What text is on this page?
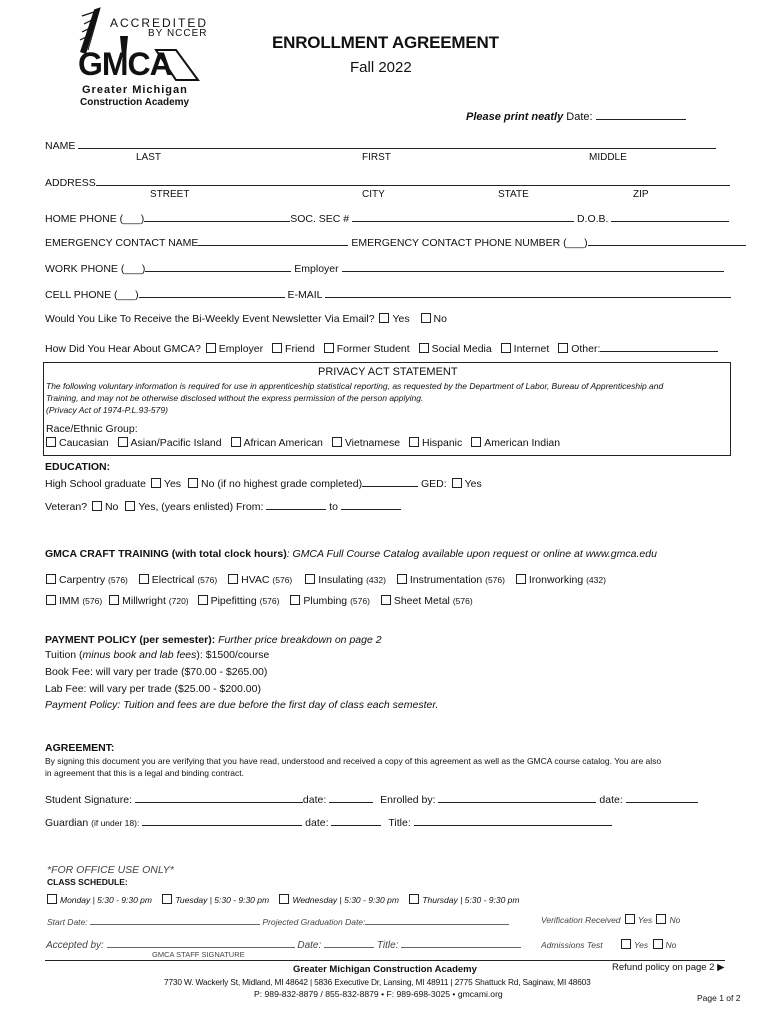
ACCREDITED
BY NCCER
GMCA
Greater Michigan
Construction Academy
ENROLLMENT AGREEMENT
Fall 2022
Please print neatly Date:
NAME
LAST	FIRST	MIDDLE
ADDRESS
STREET	CITY	STATE	ZIP
HOME PHONE (___)	SOC. SEC #	D.O.B.
EMERGENCY CONTACT NAME	EMERGENCY CONTACT PHONE NUMBER (___)
WORK PHONE (___)	Employer
CELL PHONE (___)	E-MAIL
Would You Like To Receive the Bi-Weekly Event Newsletter Via Email? Yes No
How Did You Hear About GMCA? Employer Friend Former Student Social Media Internet Other:
PRIVACY ACT STATEMENT
The following voluntary information is required for use in apprenticeship statistical reporting, as requested by the Department of Labor, Bureau of Apprenticeship and
Training, and may not be otherwise disclosed without the express permission of the person applying.
(Privacy Act of 1974-P.L.93-579)
Race/Ethnic Group:
Caucasian Asian/Pacific Island African American Vietnamese Hispanic American Indian
EDUCATION:
High School graduate Yes No (if no highest grade completed)	GED: Yes
Veteran? No Yes, (years enlisted) From:	to
GMCA CRAFT TRAINING (with total clock hours): GMCA Full Course Catalog available upon request or online at www.gmca.edu
Carpentry (576) Electrical (576) HVAC (576) Insulating (432) Instrumentation (576) Ironworking (432)
IMM (576) Millwright (720) Pipefitting (576) Plumbing (576) Sheet Metal (576)
PAYMENT POLICY (per semester): Further price breakdown on page 2
Tuition (minus book and lab fees): $1500/course
Book Fee: will vary per trade ($70.00 - $265.00)
Lab Fee: will vary per trade ($25.00 - $200.00)
Payment Policy: Tuition and fees are due before the first day of class each semester.
AGREEMENT:
By signing this document you are verifying that you have read, understood and received a copy of this agreement as well as the GMCA course catalog. You are also
in agreement that this is a legal and binding contract.
Student Signature:	date:	Enrolled by:	date:
Guardian (if under 18):	date:	Title:
*FOR OFFICE USE ONLY*
CLASS SCHEDULE:
Monday | 5:30 - 9:30 pm	Tuesday | 5:30 - 9:30 pm	Wednesday | 5:30 - 9:30 pm	Thursday | 5:30 - 9:30 pm
Start Date:	Projected Graduation Date:	Verification Received Yes No
Accepted by:	Date:	Title:	Admissions Test	Yes No
GMCA STAFF SIGNATURE
Greater Michigan Construction Academy	Refund policy on page 2 ▶
7730 W. Wackerly St, Midland, MI 48642 | 5836 Executive Dr, Lansing, MI 48911 | 2775 Shattuck Rd, Saginaw, MI 48603
P: 989-832-8879 / 855-832-8879 • F: 989-698-3025 • gmcami.org	Page 1 of 2
